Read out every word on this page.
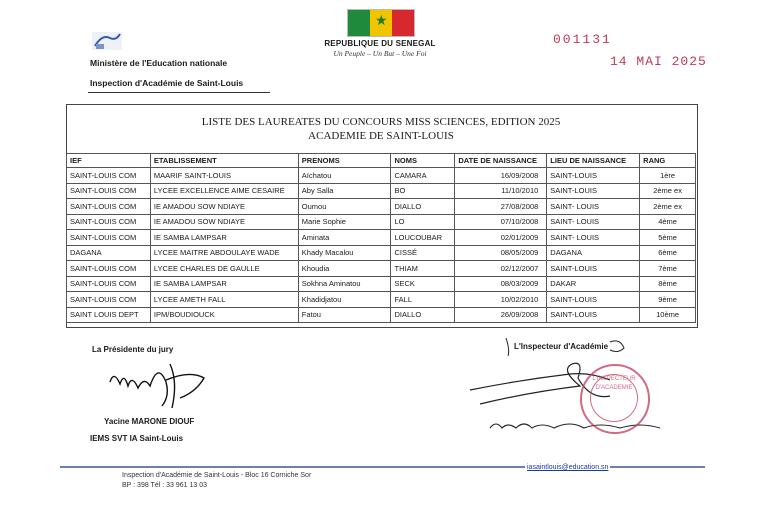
Ministère de l'Education nationale
Inspection d'Académie de Saint-Louis
★
REPUBLIQUE DU SENEGAL
Un Peuple – Un But – Une Foi
001131
14 MAI 2025
LISTE DES LAUREATES DU CONCOURS MISS SCIENCES, EDITION 2025
ACADEMIE DE SAINT-LOUIS
IEF	ETABLISSEMENT	PRENOMS	NOMS	DATE DE NAISSANCE	LIEU DE NAISSANCE	RANG
SAINT-LOUIS COM	MAARIF SAINT-LOUIS	Aïchatou	CAMARA	16/09/2008	SAINT-LOUIS	1ère
SAINT-LOUIS COM	LYCEE EXCELLENCE AIME CESAIRE	Aby Salla	BO	11/10/2010	SAINT-LOUIS	2ème ex
SAINT-LOUIS COM	IE AMADOU SOW NDIAYE	Oumou	DIALLO	27/08/2008	SAINT- LOUIS	2ème ex
SAINT-LOUIS COM	IE AMADOU SOW NDIAYE	Marie Sophie	LO	07/10/2008	SAINT- LOUIS	4ème
SAINT-LOUIS COM	IE SAMBA LAMPSAR	Aminata	LOUCOUBAR	02/01/2009	SAINT- LOUIS	5ème
DAGANA	LYCEE MAITRE ABDOULAYE WADE	Khady Macalou	CISSÉ	08/05/2009	DAGANA	6ème
SAINT-LOUIS COM	LYCEE CHARLES DE GAULLE	Khoudia	THIAM	02/12/2007	SAINT-LOUIS	7ème
SAINT-LOUIS COM	IE SAMBA LAMPSAR	Sokhna Aminatou	SECK	08/03/2009	DAKAR	8ème
SAINT-LOUIS COM	LYCEE AMETH FALL	Khadidjatou	FALL	10/02/2010	SAINT-LOUIS	9ème
SAINT LOUIS DEPT	IPM/BOUDIOUCK	Fatou	DIALLO	26/09/2008	SAINT-LOUIS	10ème
La Présidente du jury
Yacine MARONE DIOUF
IEMS SVT IA Saint-Louis
L'Inspecteur d'Académie
L'INSPECTEUR D'ACADEMIE
Inspection d'Académie de Saint-Louis - Bloc 16 Corniche Sor
BP : 398 Tél : 33 961 13 03
iasaintlouis@education.sn
